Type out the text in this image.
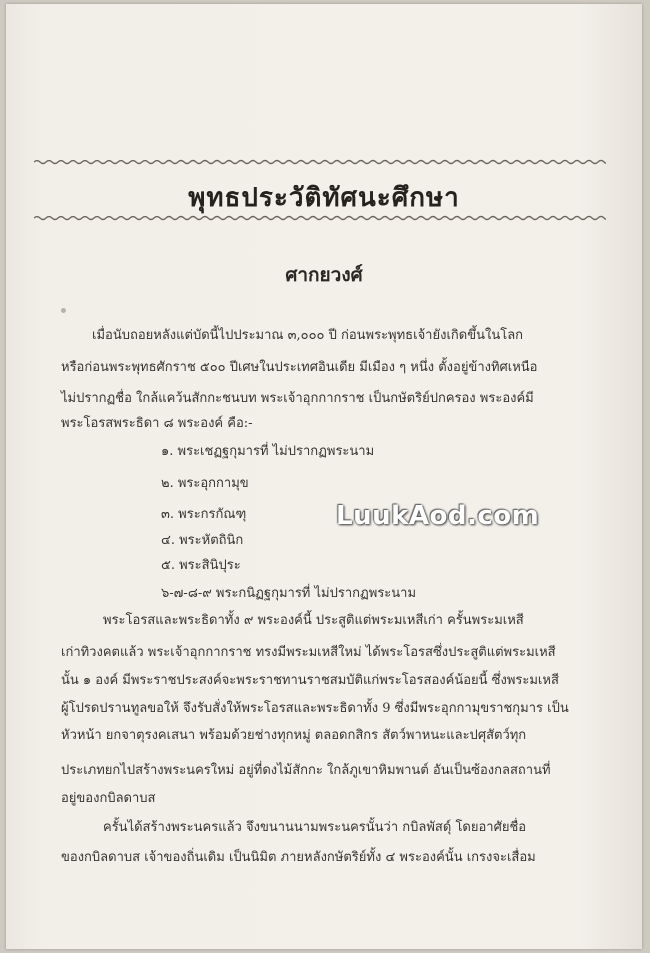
พุทธประวัติทัศนะศึกษา
ศากยวงศ์
เมื่อนับถอยหลังแต่บัดนี้ไปประมาณ ๓,๐๐๐ ปี ก่อนพระพุทธเจ้ายังเกิดขึ้นในโลก
หรือก่อนพระพุทธศักราช ๕๐๐ ปีเศษในประเทศอินเดีย มีเมือง ๆ หนึ่ง ตั้งอยู่ข้างทิศเหนือ
ไม่ปรากฏชื่อ ใกล้แคว้นสักกะชนบท พระเจ้าอุกกากราช เป็นกษัตริย์ปกครอง พระองค์มี
พระโอรสพระธิดา ๘ พระองค์ คือ:-
๑. พระเชฏฐกุมารที่ ไม่ปรากฏพระนาม
๒. พระอุกกามุข
๓. พระกรกัณฑุ
๔. พระหัตถินิก
๕. พระสินิปุระ
๖-๗-๘-๙ พระกนิฏฐกุมารที่ ไม่ปรากฏพระนาม
พระโอรสและพระธิดาทั้ง ๙ พระองค์นี้ ประสูติแต่พระมเหสีเก่า ครั้นพระมเหสี
เก่าทิวงคตแล้ว พระเจ้าอุกกากราช ทรงมีพระมเหสีใหม่ ได้พระโอรสซึ่งประสูติแต่พระมเหสี
นั้น ๑ องค์ มีพระราชประสงค์จะพระราชทานราชสมบัติแก่พระโอรสองค์น้อยนี้ ซึ่งพระมเหสี
ผู้โปรดปรานทูลขอให้ จึงรับสั่งให้พระโอรสและพระธิดาทั้ง 9 ซึ่งมีพระอุกกามุขราชกุมาร เป็น
หัวหน้า ยกจาตุรงคเสนา พร้อมด้วยช่างทุกหมู่ ตลอดกสิกร สัตว์พาหนะและปศุสัตว์ทุก
ประเภทยกไปสร้างพระนครใหม่ อยู่ที่ดงไม้สักกะ ใกล้ภูเขาหิมพานต์ อันเป็นซ้องกลสถานที่
อยู่ของกบิลดาบส
ครั้นได้สร้างพระนครแล้ว จึงขนานนามพระนครนั้นว่า กบิลพัสดุ์ โดยอาศัยชื่อ
ของกบิลดาบส เจ้าของถิ่นเดิม เป็นนิมิต ภายหลังกษัตริย์ทั้ง ๔ พระองค์นั้น เกรงจะเสื่อม
LuukAod.com
